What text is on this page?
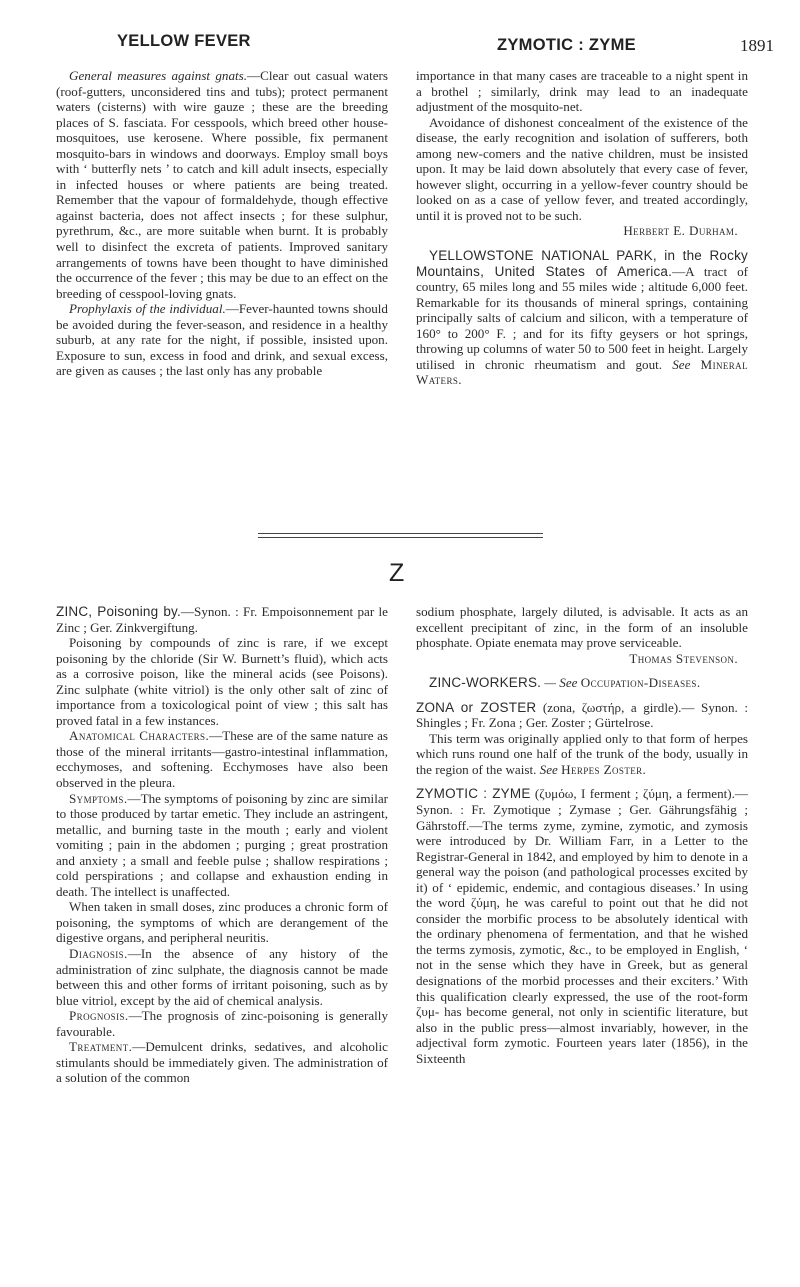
YELLOW FEVER	ZYMOTIC : ZYME	1891

General measures against gnats.—Clear out casual waters (roof-gutters, unconsidered tins and tubs); protect permanent waters (cisterns) with wire gauze ; these are the breeding places of S. fasciata. For cesspools, which breed other house-mosquitoes, use kerosene. Where possible, fix permanent mosquito-bars in windows and doorways. Employ small boys with ‘ butterfly nets ’ to catch and kill adult insects, especially in infected houses or where patients are being treated. Remember that the vapour of formaldehyde, though effective against bacteria, does not affect insects ; for these sulphur, pyrethrum, &c., are more suitable when burnt. It is probably well to disinfect the excreta of patients. Improved sanitary arrangements of towns have been thought to have diminished the occurrence of the fever ; this may be due to an effect on the breeding of cesspool-loving gnats.

Prophylaxis of the individual.—Fever-haunted towns should be avoided during the fever-season, and residence in a healthy suburb, at any rate for the night, if possible, insisted upon. Exposure to sun, excess in food and drink, and sexual excess, are given as causes ; the last only has any probable

importance in that many cases are traceable to a night spent in a brothel ; similarly, drink may lead to an inadequate adjustment of the mosquito-net.

Avoidance of dishonest concealment of the existence of the disease, the early recognition and isolation of sufferers, both among new-comers and the native children, must be insisted upon. It may be laid down absolutely that every case of fever, however slight, occurring in a yellow-fever country should be looked on as a case of yellow fever, and treated accordingly, until it is proved not to be such.
Herbert E. Durham.

YELLOWSTONE NATIONAL PARK, in the Rocky Mountains, United States of America.—A tract of country, 65 miles long and 55 miles wide ; altitude 6,000 feet. Remarkable for its thousands of mineral springs, containing principally salts of calcium and silicon, with a temperature of 160° to 200° F. ; and for its fifty geysers or hot springs, throwing up columns of water 50 to 500 feet in height. Largely utilised in chronic rheumatism and gout. See Mineral Waters.

Z

ZINC, Poisoning by.—Synon. : Fr. Empoisonnement par le Zinc ; Ger. Zinkvergiftung.

Poisoning by compounds of zinc is rare, if we except poisoning by the chloride (Sir W. Burnett’s fluid), which acts as a corrosive poison, like the mineral acids (see Poisons). Zinc sulphate (white vitriol) is the only other salt of zinc of importance from a toxicological point of view ; this salt has proved fatal in a few instances.

Anatomical Characters.—These are of the same nature as those of the mineral irritants—gastro-intestinal inflammation, ecchymoses, and softening. Ecchymoses have also been observed in the pleura.

Symptoms.—The symptoms of poisoning by zinc are similar to those produced by tartar emetic. They include an astringent, metallic, and burning taste in the mouth ; early and violent vomiting ; pain in the abdomen ; purging ; great prostration and anxiety ; a small and feeble pulse ; shallow respirations ; cold perspirations ; and collapse and exhaustion ending in death. The intellect is unaffected.

When taken in small doses, zinc produces a chronic form of poisoning, the symptoms of which are derangement of the digestive organs, and peripheral neuritis.

Diagnosis.—In the absence of any history of the administration of zinc sulphate, the diagnosis cannot be made between this and other forms of irritant poisoning, such as by blue vitriol, except by the aid of chemical analysis.

Prognosis.—The prognosis of zinc-poisoning is generally favourable.

Treatment.—Demulcent drinks, sedatives, and alcoholic stimulants should be immediately given. The administration of a solution of the common

sodium phosphate, largely diluted, is advisable. It acts as an excellent precipitant of zinc, in the form of an insoluble phosphate. Opiate enemata may prove serviceable.
Thomas Stevenson.

ZINC-WORKERS. — See Occupation-Diseases.

ZONA or ZOSTER (zona, ζωστήρ, a girdle).— Synon. : Shingles ; Fr. Zona ; Ger. Zoster ; Gürtelrose.

This term was originally applied only to that form of herpes which runs round one half of the trunk of the body, usually in the region of the waist. See Herpes Zoster.

ZYMOTIC : ZYME (ζυμόω, I ferment ; ζύμη, a ferment).—Synon. : Fr. Zymotique ; Zymase ; Ger. Gährungsfähig ; Gährstoff.—The terms zyme, zymine, zymotic, and zymosis were introduced by Dr. William Farr, in a Letter to the Registrar-General in 1842, and employed by him to denote in a general way the poison (and pathological processes excited by it) of ‘ epidemic, endemic, and contagious diseases.’ In using the word ζύμη, he was careful to point out that he did not consider the morbific process to be absolutely identical with the ordinary phenomena of fermentation, and that he wished the terms zymosis, zymotic, &c., to be employed in English, ‘ not in the sense which they have in Greek, but as general designations of the morbid processes and their exciters.’ With this qualification clearly expressed, the use of the root-form ζυμ- has become general, not only in scientific literature, but also in the public press—almost invariably, however, in the adjectival form zymotic. Fourteen years later (1856), in the Sixteenth
